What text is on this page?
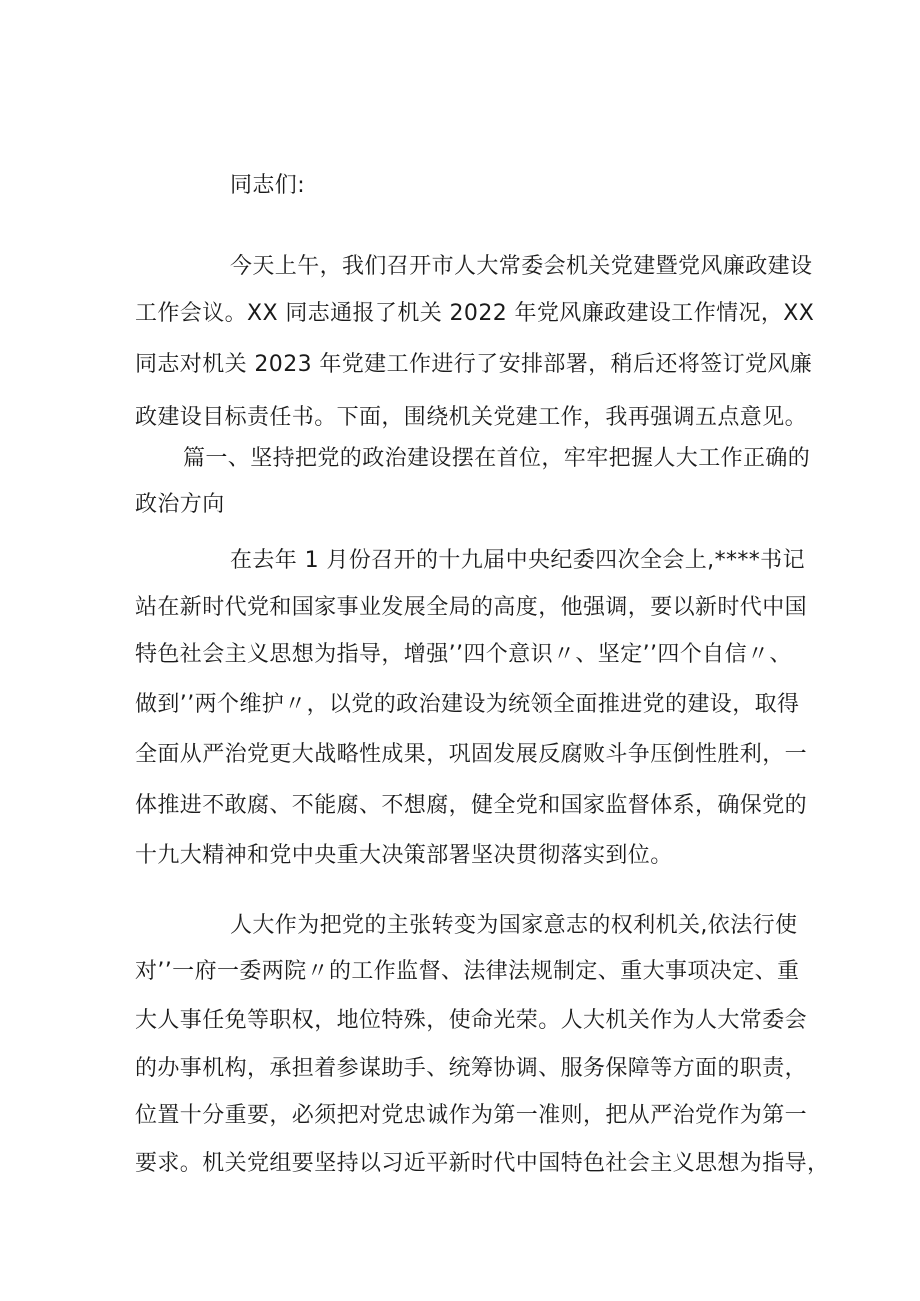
同志们:
今天上午，我们召开市人大常委会机关党建暨党风廉政建设
工作会议。XX 同志通报了机关 2022 年党风廉政建设工作情况，XX
同志对机关 2023 年党建工作进行了安排部署，稍后还将签订党风廉
政建设目标责任书。下面，围绕机关党建工作，我再强调五点意见。
篇一、坚持把党的政治建设摆在首位，牢牢把握人大工作正确的
政治方向
在去年 1 月份召开的十九届中央纪委四次全会上,****书记
站在新时代党和国家事业发展全局的高度，他强调，要以新时代中国
特色社会主义思想为指导，增强’’四个意识〃、坚定’’四个自信〃、
做到’’两个维护〃，以党的政治建设为统领全面推进党的建设，取得
全面从严治党更大战略性成果，巩固发展反腐败斗争压倒性胜利，一
体推进不敢腐、不能腐、不想腐，健全党和国家监督体系，确保党的
十九大精神和党中央重大决策部署坚决贯彻落实到位。
人大作为把党的主张转变为国家意志的权利机关,依法行使
对’’一府一委两院〃的工作监督、法律法规制定、重大事项决定、重
大人事任免等职权，地位特殊，使命光荣。人大机关作为人大常委会
的办事机构，承担着参谋助手、统筹协调、服务保障等方面的职责，
位置十分重要，必须把对党忠诚作为第一准则，把从严治党作为第一
要求。机关党组要坚持以习近平新时代中国特色社会主义思想为指导，
